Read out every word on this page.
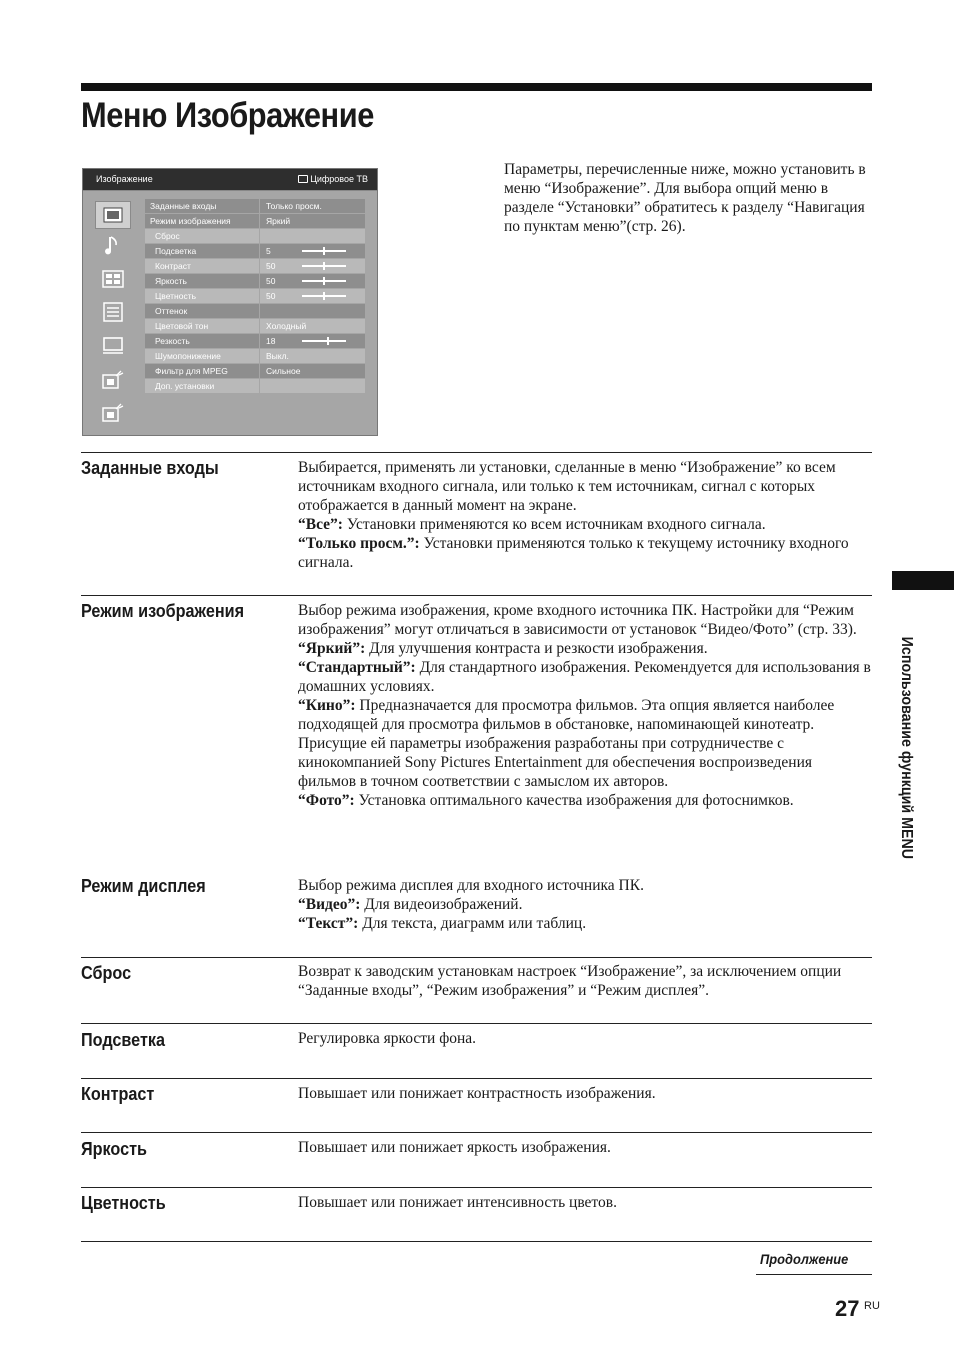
Меню Изображение
Изображение	Цифровое ТВ
Заданные входы	Только просм.
Режим изображения	Яркий
Сброс
Подсветка	5
Контраст	50
Яркость	50
Цветность	50
Оттенок
Цветовой тон	Холодный
Резкость	18
Шумопонижение	Выкл.
Фильтр для MPEG	Сильное
Доп. установки
Параметры, перечисленные ниже, можно установить в меню “Изображение”. Для выбора опций меню в разделе “Установки” обратитесь к разделу “Навигация по пунктам меню”(стр. 26).
Заданные входы	Выбирается, применять ли установки, сделанные в меню “Изображение” ко всем источникам входного сигнала, или только к тем источникам, сигнал с которых отображается в данный момент на экране.

“Все”: Установки применяются ко всем источникам входного сигнала.

“Только просм.”: Установки применяются только к текущему источнику входного сигнала.

Режим изображения	Выбор режима изображения, кроме входного источника ПК. Настройки для “Режим изображения” могут отличаться в зависимости от установок “Видео/Фото” (стр. 33).

“Яркий”: Для улучшения контраста и резкости изображения.

“Стандартный”: Для стандартного изображения. Рекомендуется для использования в домашних условиях.

“Кино”: Предназначается для просмотра фильмов. Эта опция является наиболее подходящей для просмотра фильмов в обстановке, напоминающей кинотеатр. Присущие ей параметры изображения разработаны при сотрудничестве с кинокомпанией Sony Pictures Entertainment для обеспечения воспроизведения фильмов в точном соответствии с замыслом их авторов.

“Фото”: Установка оптимального качества изображения для фотоснимков.

Режим дисплея	Выбор режима дисплея для входного источника ПК.

“Видео”: Для видеоизображений.

“Текст”: Для текста, диаграмм или таблиц.

Сброс	Возврат к заводским установкам настроек “Изображение”, за исключением опции “Заданные входы”, “Режим изображения” и “Режим дисплея”.

Подсветка	Регулировка яркости фона.

Контраст	Повышает или понижает контрастность изображения.

Яркость	Повышает или понижает яркость изображения.

Цветность	Повышает или понижает интенсивность цветов.

Использование функций MENU
Продолжение
27 RU
